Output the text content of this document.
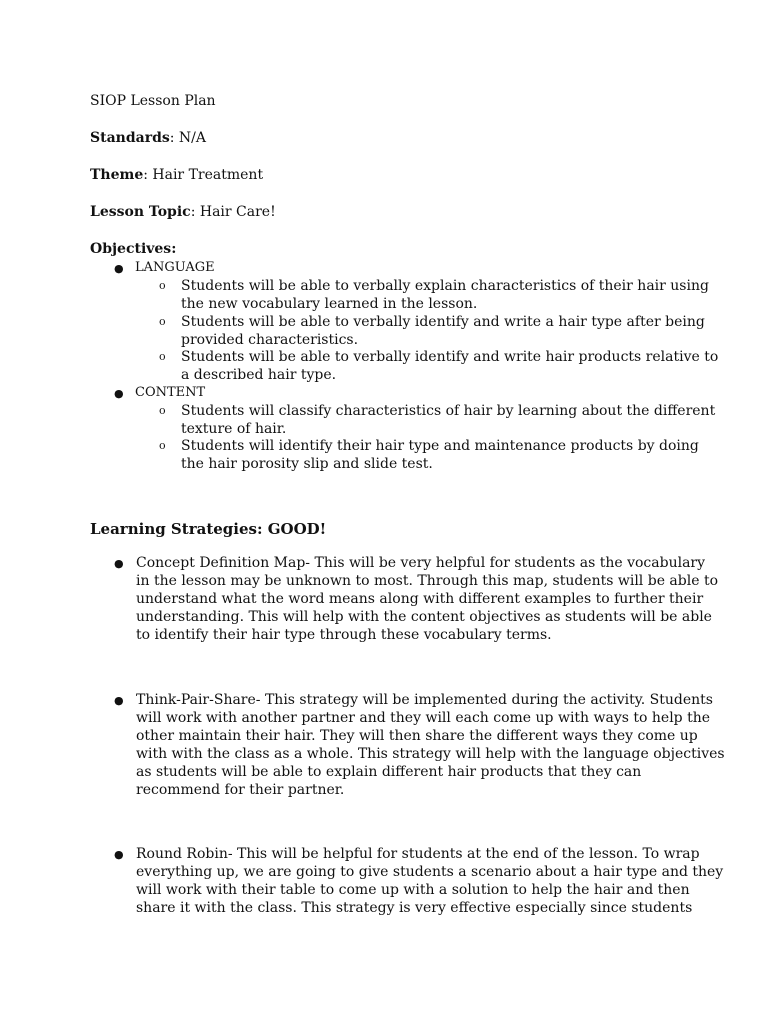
SIOP Lesson Plan
Standards: N/A
Theme: Hair Treatment
Lesson Topic: Hair Care!
Objectives:
● LANGUAGE
o Students will be able to verbally explain characteristics of their hair using
the new vocabulary learned in the lesson.
o Students will be able to verbally identify and write a hair type after being
provided characteristics.
o Students will be able to verbally identify and write hair products relative to
a described hair type.
● CONTENT
o Students will classify characteristics of hair by learning about the different
texture of hair.
o Students will identify their hair type and maintenance products by doing
the hair porosity slip and slide test.
Learning Strategies: GOOD!
● Concept Definition Map- This will be very helpful for students as the vocabulary
in the lesson may be unknown to most. Through this map, students will be able to
understand what the word means along with different examples to further their
understanding. This will help with the content objectives as students will be able
to identify their hair type through these vocabulary terms.
● Think-Pair-Share- This strategy will be implemented during the activity. Students
will work with another partner and they will each come up with ways to help the
other maintain their hair. They will then share the different ways they come up
with with the class as a whole. This strategy will help with the language objectives
as students will be able to explain different hair products that they can
recommend for their partner.
● Round Robin- This will be helpful for students at the end of the lesson. To wrap
everything up, we are going to give students a scenario about a hair type and they
will work with their table to come up with a solution to help the hair and then
share it with the class. This strategy is very effective especially since students
